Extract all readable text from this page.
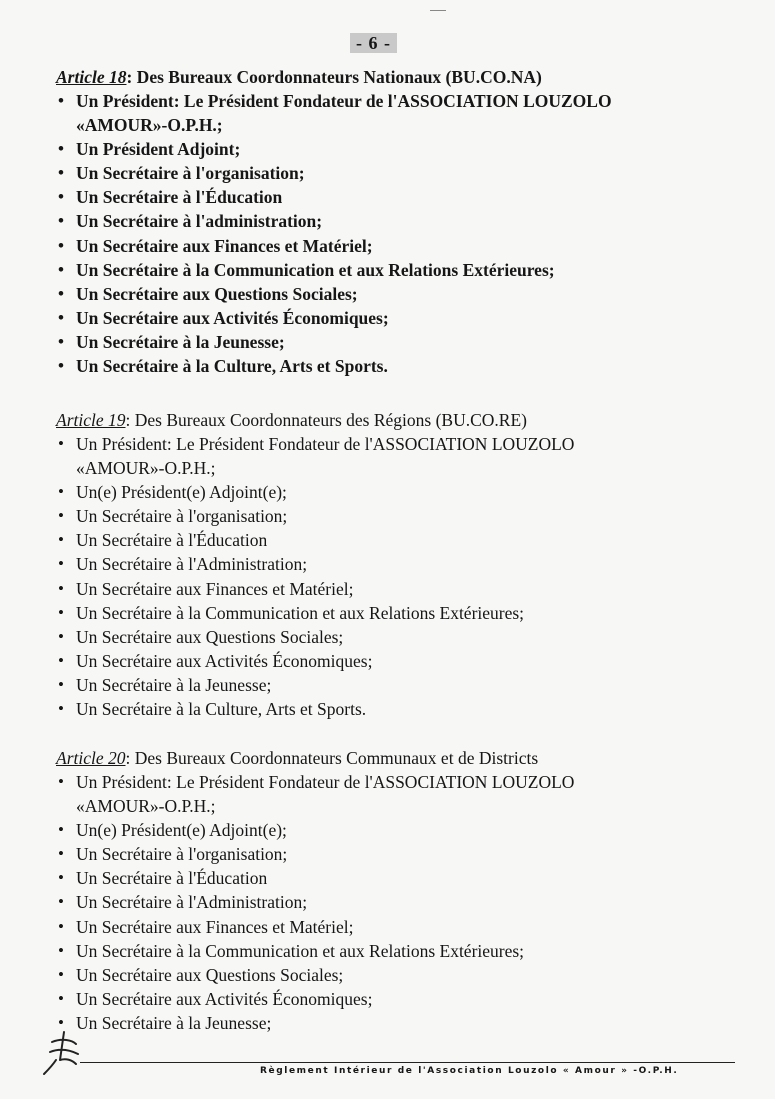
- 6 -
Article 18: Des Bureaux Coordonnateurs Nationaux (BU.CO.NA)
• Un Président: Le Président Fondateur de l'ASSOCIATION LOUZOLO
«AMOUR»-O.P.H.;
• Un Président Adjoint;
• Un Secrétaire à l'organisation;
• Un Secrétaire à l'Éducation
• Un Secrétaire à l'administration;
• Un Secrétaire aux Finances et Matériel;
• Un Secrétaire à la Communication et aux Relations Extérieures;
• Un Secrétaire aux Questions Sociales;
• Un Secrétaire aux Activités Économiques;
• Un Secrétaire à la Jeunesse;
• Un Secrétaire à la Culture, Arts et Sports.
Article 19: Des Bureaux Coordonnateurs des Régions (BU.CO.RE)
• Un Président: Le Président Fondateur de l'ASSOCIATION LOUZOLO
«AMOUR»-O.P.H.;
• Un(e) Président(e) Adjoint(e);
• Un Secrétaire à l'organisation;
• Un Secrétaire à l'Éducation
• Un Secrétaire à l'Administration;
• Un Secrétaire aux Finances et Matériel;
• Un Secrétaire à la Communication et aux Relations Extérieures;
• Un Secrétaire aux Questions Sociales;
• Un Secrétaire aux Activités Économiques;
• Un Secrétaire à la Jeunesse;
• Un Secrétaire à la Culture, Arts et Sports.
Article 20: Des Bureaux Coordonnateurs Communaux et de Districts
• Un Président: Le Président Fondateur de l'ASSOCIATION LOUZOLO
«AMOUR»-O.P.H.;
• Un(e) Président(e) Adjoint(e);
• Un Secrétaire à l'organisation;
• Un Secrétaire à l'Éducation
• Un Secrétaire à l'Administration;
• Un Secrétaire aux Finances et Matériel;
• Un Secrétaire à la Communication et aux Relations Extérieures;
• Un Secrétaire aux Questions Sociales;
• Un Secrétaire aux Activités Économiques;
• Un Secrétaire à la Jeunesse;
Règlement Intérieur de l'Association Louzolo « Amour » -O.P.H.
